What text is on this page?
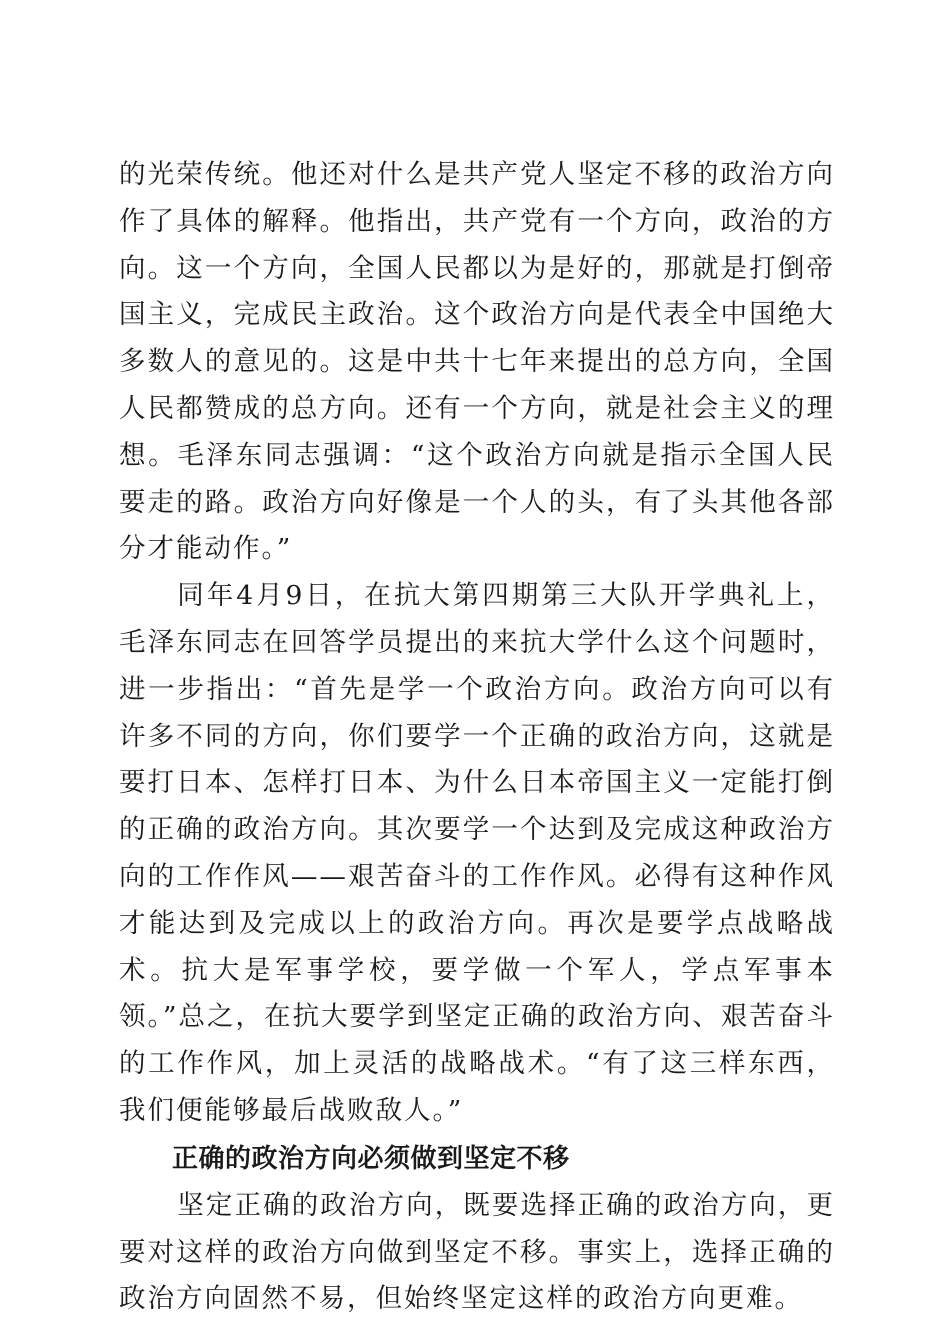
的光荣传统。他还对什么是共产党人坚定不移的政治方向作了具体的解释。他指出，共产党有一个方向，政治的方向。这一个方向，全国人民都以为是好的，那就是打倒帝国主义，完成民主政治。这个政治方向是代表全中国绝大多数人的意见的。这是中共十七年来提出的总方向，全国人民都赞成的总方向。还有一个方向，就是社会主义的理想。毛泽东同志强调：“这个政治方向就是指示全国人民要走的路。政治方向好像是一个人的头，有了头其他各部分才能动作。”

同年4月9日，在抗大第四期第三大队开学典礼上，毛泽东同志在回答学员提出的来抗大学什么这个问题时，进一步指出：“首先是学一个政治方向。政治方向可以有许多不同的方向，你们要学一个正确的政治方向，这就是要打日本、怎样打日本、为什么日本帝国主义一定能打倒的正确的政治方向。其次要学一个达到及完成这种政治方向的工作作风——艰苦奋斗的工作作风。必得有这种作风才能达到及完成以上的政治方向。再次是要学点战略战术。抗大是军事学校，要学做一个军人，学点军事本领。”总之，在抗大要学到坚定正确的政治方向、艰苦奋斗的工作作风，加上灵活的战略战术。“有了这三样东西，我们便能够最后战败敌人。”

正确的政治方向必须做到坚定不移

坚定正确的政治方向，既要选择正确的政治方向，更要对这样的政治方向做到坚定不移。事实上，选择正确的政治方向固然不易，但始终坚定这样的政治方向更难。
